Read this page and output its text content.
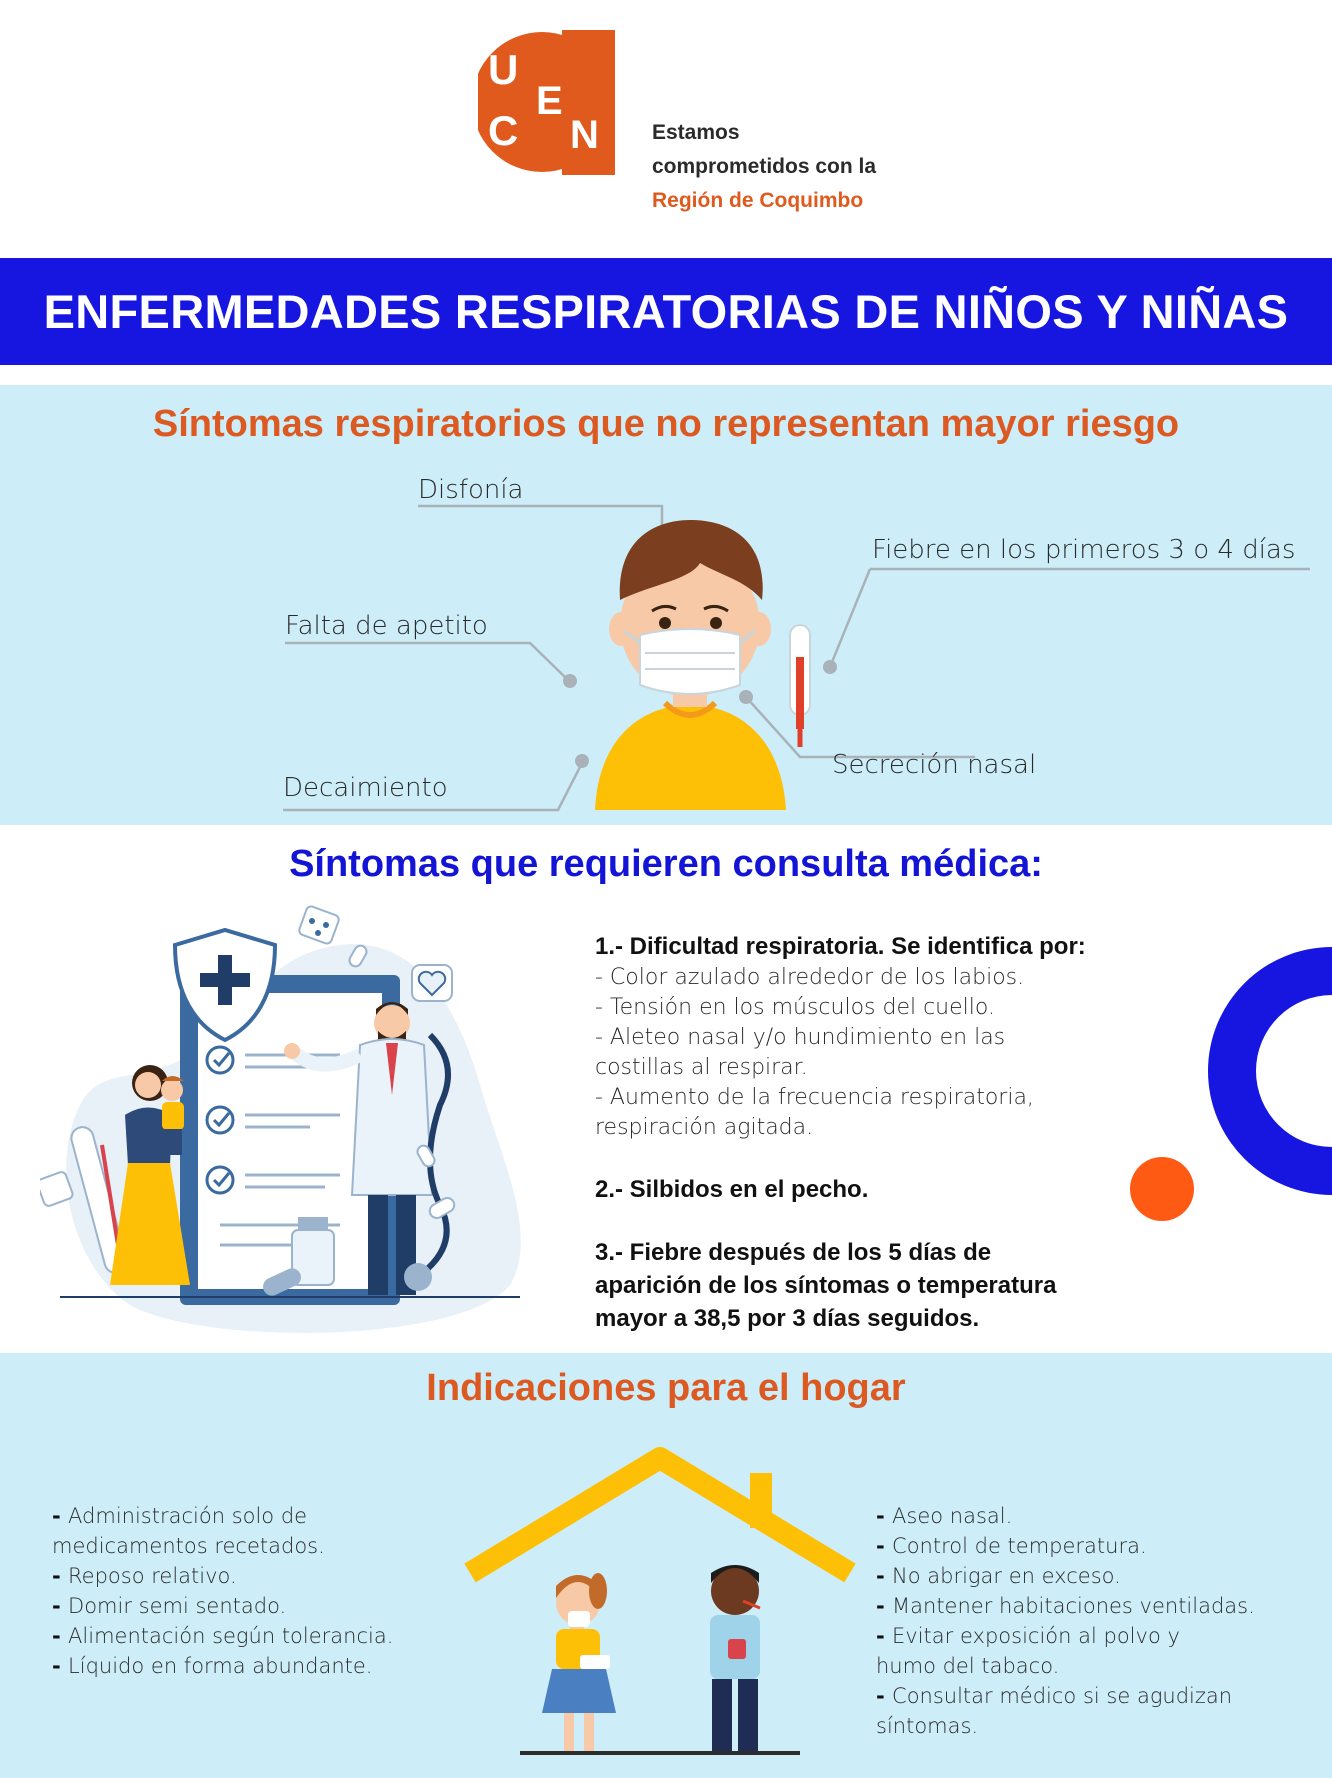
U
C
E
N	Estamos
comprometidos con la
Región de Coquimbo
ENFERMEDADES RESPIRATORIAS DE NIÑOS Y NIÑAS
Síntomas respiratorios que no representan mayor riesgo
Disfonía
Fiebre en los primeros 3 o 4 días
Falta de apetito
Secreción nasal
Decaimiento
Síntomas que requieren consulta médica:
1.- Dificultad respiratoria. Se identifica por:
- Color azulado alrededor de los labios.
- Tensión en los músculos del cuello.
- Aleteo nasal y/o hundimiento en las
costillas al respirar.
- Aumento de la frecuencia respiratoria,
respiración agitada.
2.- Silbidos en el pecho.
3.- Fiebre después de los 5 días de
aparición de los síntomas o temperatura
mayor a 38,5 por 3 días seguidos.
Indicaciones para el hogar
- Administración solo de
medicamentos recetados.
- Reposo relativo.
- Domir semi sentado.
- Alimentación según tolerancia.
- Líquido en forma abundante.
- Aseo nasal.
- Control de temperatura.
- No abrigar en exceso.
- Mantener habitaciones ventiladas.
- Evitar exposición al polvo y
humo del tabaco.
- Consultar médico si se agudizan
síntomas.
